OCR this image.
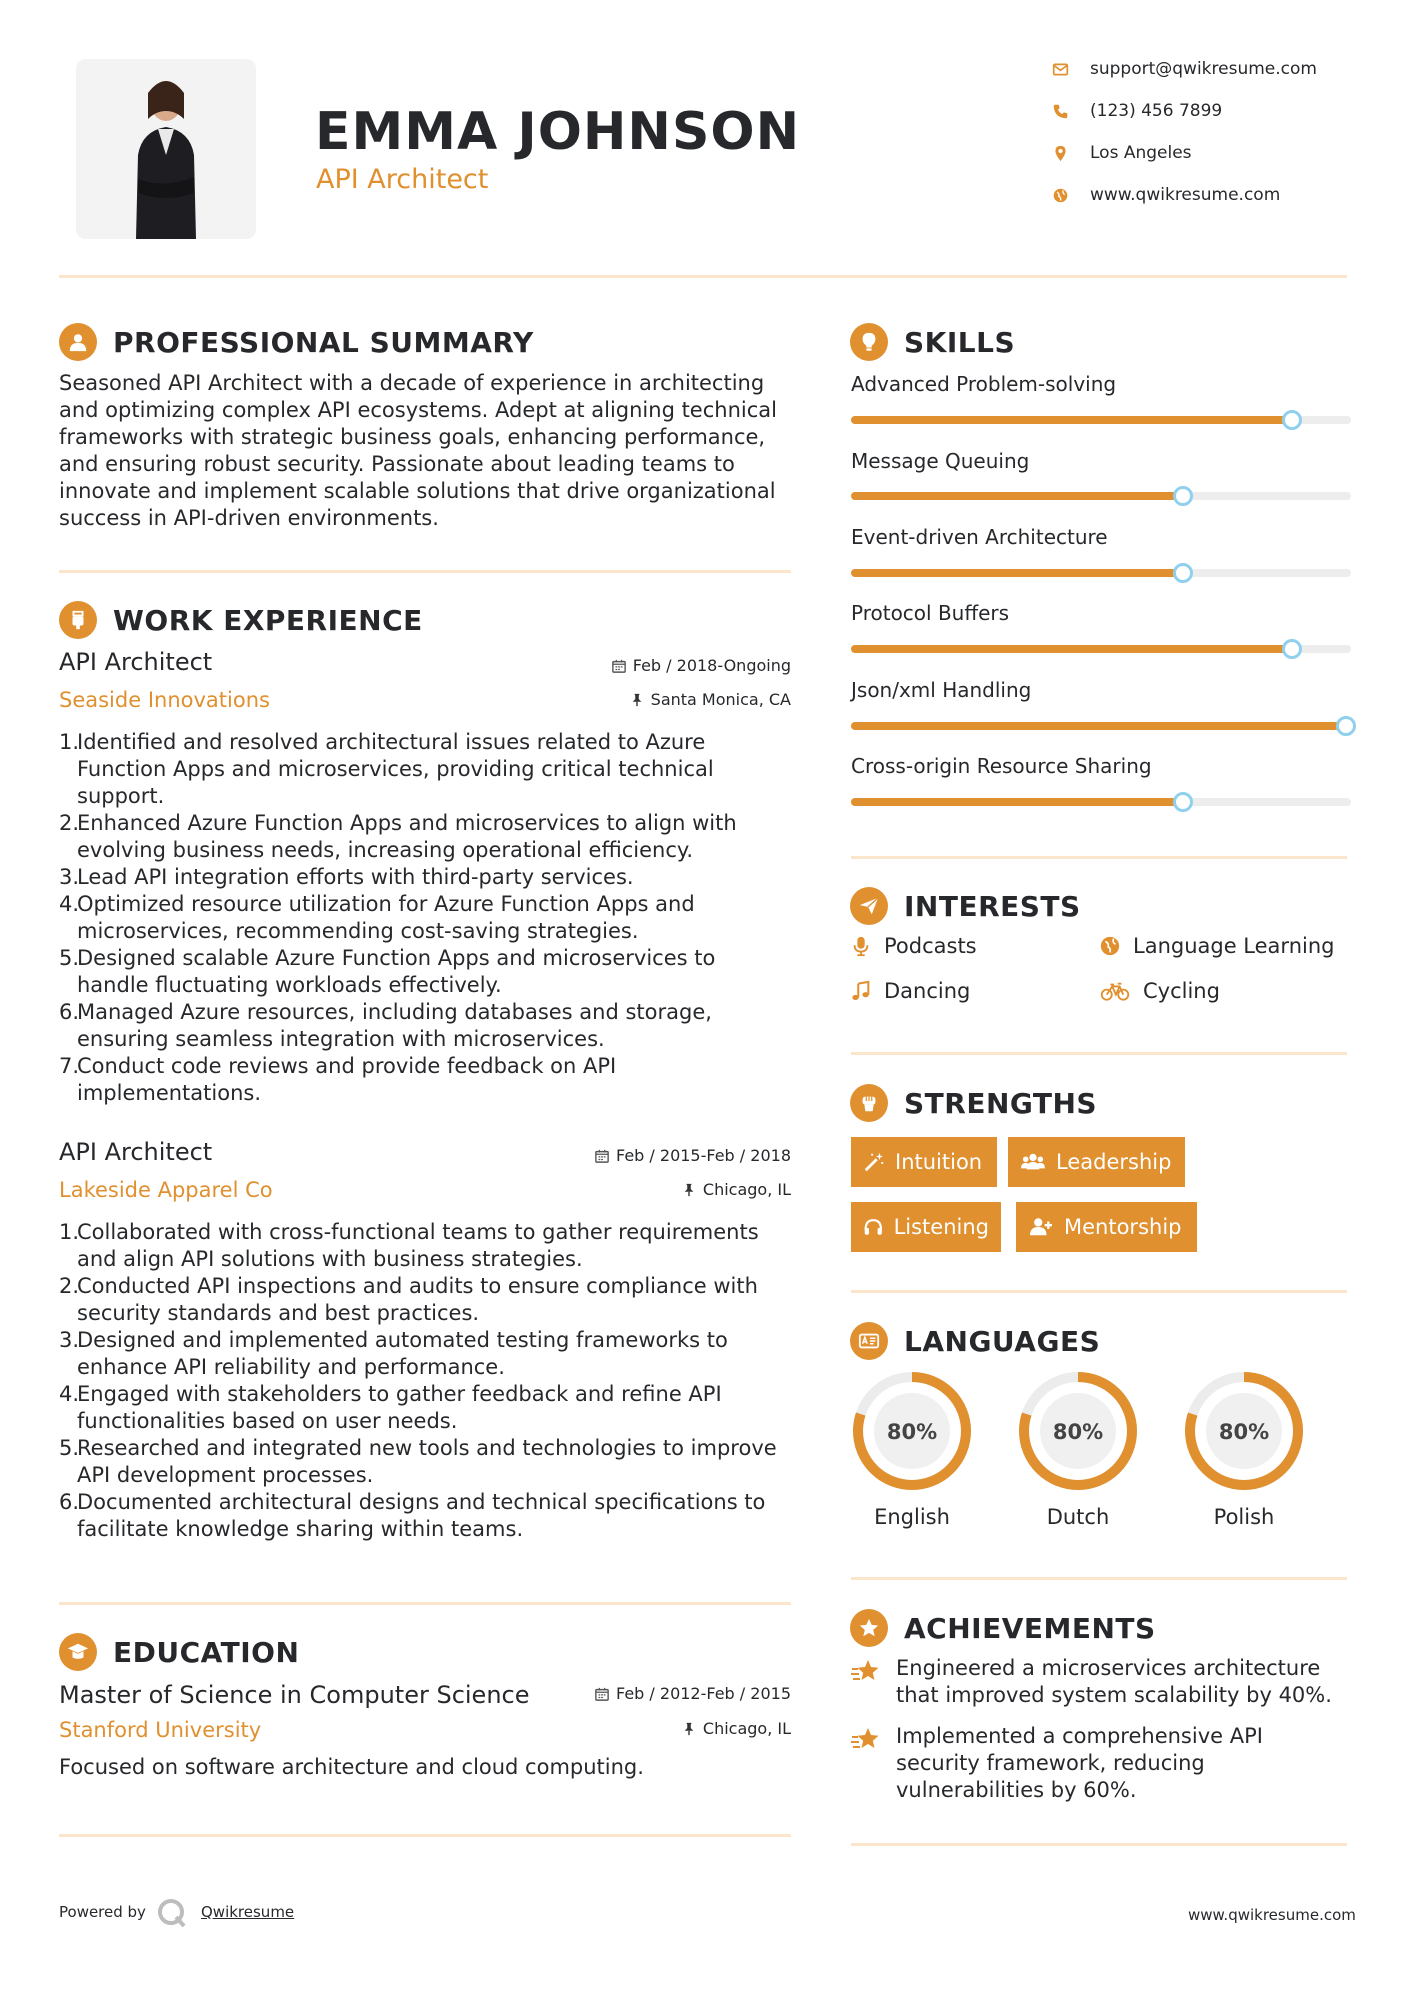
EMMA JOHNSON
API Architect
support@qwikresume.com
(123) 456 7899
Los Angeles
www.qwikresume.com
PROFESSIONAL SUMMARY
Seasoned API Architect with a decade of experience in architecting and optimizing complex API ecosystems. Adept at aligning technical frameworks with strategic business goals, enhancing performance, and ensuring robust security. Passionate about leading teams to innovate and implement scalable solutions that drive organizational success in API-driven environments.
WORK EXPERIENCE
API Architect	Feb / 2018-Ongoing
Seaside Innovations	Santa Monica, CA
1.
Identified and resolved architectural issues related to Azure Function Apps and microservices, providing critical technical support.
2.
Enhanced Azure Function Apps and microservices to align with evolving business needs, increasing operational efficiency.
3.
Lead API integration efforts with third-party services.
4.
Optimized resource utilization for Azure Function Apps and microservices, recommending cost-saving strategies.
5.
Designed scalable Azure Function Apps and microservices to handle fluctuating workloads effectively.
6.
Managed Azure resources, including databases and storage, ensuring seamless integration with microservices.
7.
Conduct code reviews and provide feedback on API implementations.
API Architect	Feb / 2015-Feb / 2018
Lakeside Apparel Co	Chicago, IL
1.
Collaborated with cross-functional teams to gather requirements and align API solutions with business strategies.
2.
Conducted API inspections and audits to ensure compliance with security standards and best practices.
3.
Designed and implemented automated testing frameworks to enhance API reliability and performance.
4.
Engaged with stakeholders to gather feedback and refine API functionalities based on user needs.
5.
Researched and integrated new tools and technologies to improve API development processes.
6.
Documented architectural designs and technical specifications to facilitate knowledge sharing within teams.
EDUCATION
Master of Science in Computer Science	Feb / 2012-Feb / 2015
Stanford University	Chicago, IL
Focused on software architecture and cloud computing.
SKILLS
Advanced Problem-solving
Message Queuing
Event-driven Architecture
Protocol Buffers
Json/xml Handling
Cross-origin Resource Sharing
INTERESTS
Podcasts	Language Learning
Dancing	Cycling
STRENGTHS
Intuition	Leadership
Listening	Mentorship
LANGUAGES
80%
English
80%
Dutch
80%
Polish
ACHIEVEMENTS
Engineered a microservices architecture that improved system scalability by 40%.
Implemented a comprehensive API security framework, reducing vulnerabilities by 60%.
Powered by	Qwikresume	www.qwikresume.com
